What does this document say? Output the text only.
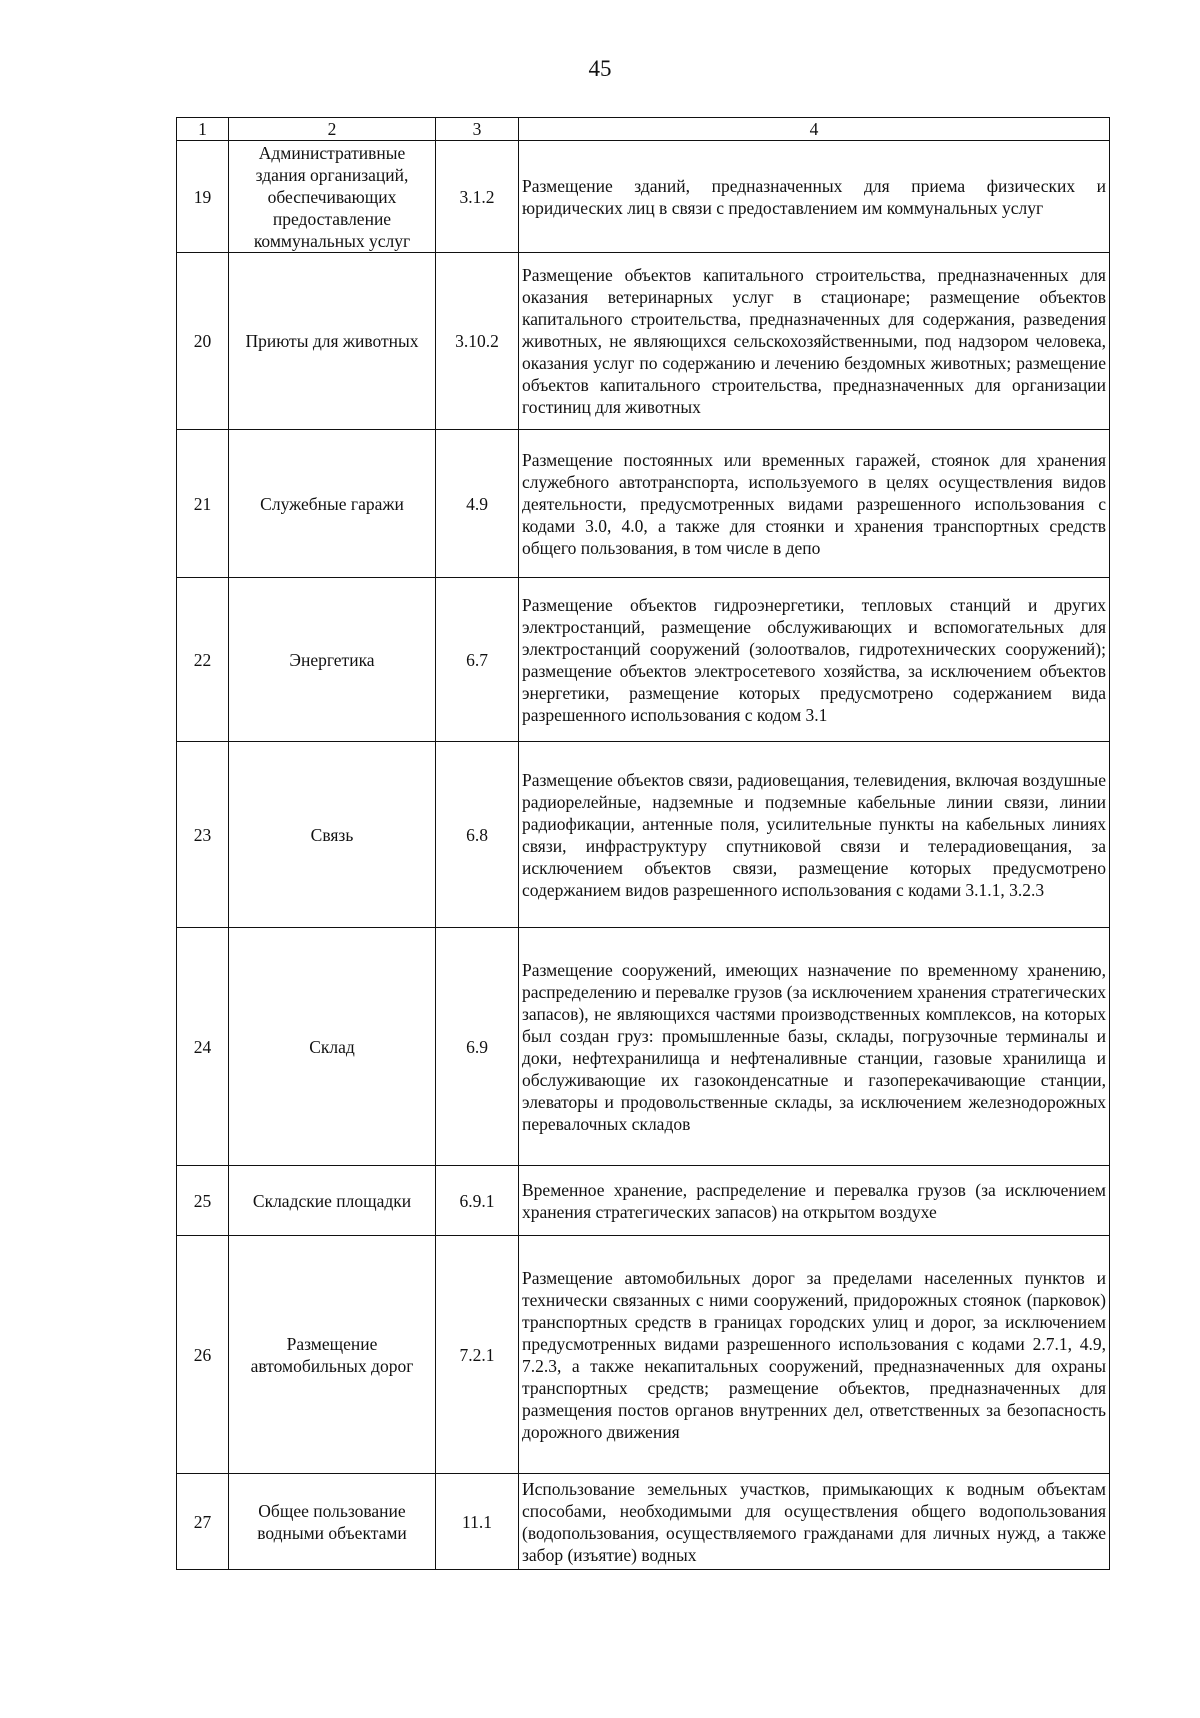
45
1	2	3	4
19	Административные здания организаций, обеспечивающих предоставление коммунальных услуг	3.1.2	Размещение зданий, предназначенных для приема физических и юридических лиц в связи с предоставлением им коммунальных услуг
20	Приюты для животных	3.10.2	Размещение объектов капитального строительства, предназначенных для оказания ветеринарных услуг в стационаре; размещение объектов капитального строительства, предназначенных для содержания, разведения животных, не являющихся сельскохозяйственными, под надзором человека, оказания услуг по содержанию и лечению бездомных животных; размещение объектов капитального строительства, предназначенных для организации гостиниц для животных
21	Служебные гаражи	4.9	Размещение постоянных или временных гаражей, стоянок для хранения служебного автотранспорта, используемого в целях осуществления видов деятельности, предусмотренных видами разрешенного использования с кодами 3.0, 4.0, а также для стоянки и хранения транспортных средств общего пользования, в том числе в депо
22	Энергетика	6.7	Размещение объектов гидроэнергетики, тепловых станций и других электростанций, размещение обслуживающих и вспомогательных для электростанций сооружений (золоотвалов, гидротехнических сооружений); размещение объектов электросетевого хозяйства, за исключением объектов энергетики, размещение которых предусмотрено содержанием вида разрешенного использования с кодом 3.1
23	Связь	6.8	Размещение объектов связи, радиовещания, телевидения, включая воздушные радиорелейные, надземные и подземные кабельные линии связи, линии радиофикации, антенные поля, усилительные пункты на кабельных линиях связи, инфраструктуру спутниковой связи и телерадиовещания, за исключением объектов связи, размещение которых предусмотрено содержанием видов разрешенного использования с кодами 3.1.1, 3.2.3
24	Склад	6.9	Размещение сооружений, имеющих назначение по временному хранению, распределению и перевалке грузов (за исключением хранения стратегических запасов), не являющихся частями производственных комплексов, на которых был создан груз: промышленные базы, склады, погрузочные терминалы и доки, нефтехранилища и нефтеналивные станции, газовые хранилища и обслуживающие их газоконденсатные и газоперекачивающие станции, элеваторы и продовольственные склады, за исключением железнодорожных перевалочных складов
25	Складские площадки	6.9.1	Временное хранение, распределение и перевалка грузов (за исключением хранения стратегических запасов) на открытом воздухе
26	Размещение автомобильных дорог	7.2.1	Размещение автомобильных дорог за пределами населенных пунктов и технически связанных с ними сооружений, придорожных стоянок (парковок) транспортных средств в границах городских улиц и дорог, за исключением предусмотренных видами разрешенного использования с кодами 2.7.1, 4.9, 7.2.3, а также некапитальных сооружений, предназначенных для охраны транспортных средств; размещение объектов, предназначенных для размещения постов органов внутренних дел, ответственных за безопасность дорожного движения
27	Общее пользование водными объектами	11.1	Использование земельных участков, примыкающих к водным объектам способами, необходимыми для осуществления общего водопользования (водопользования, осуществляемого гражданами для личных нужд, а также забор (изъятие) водных
